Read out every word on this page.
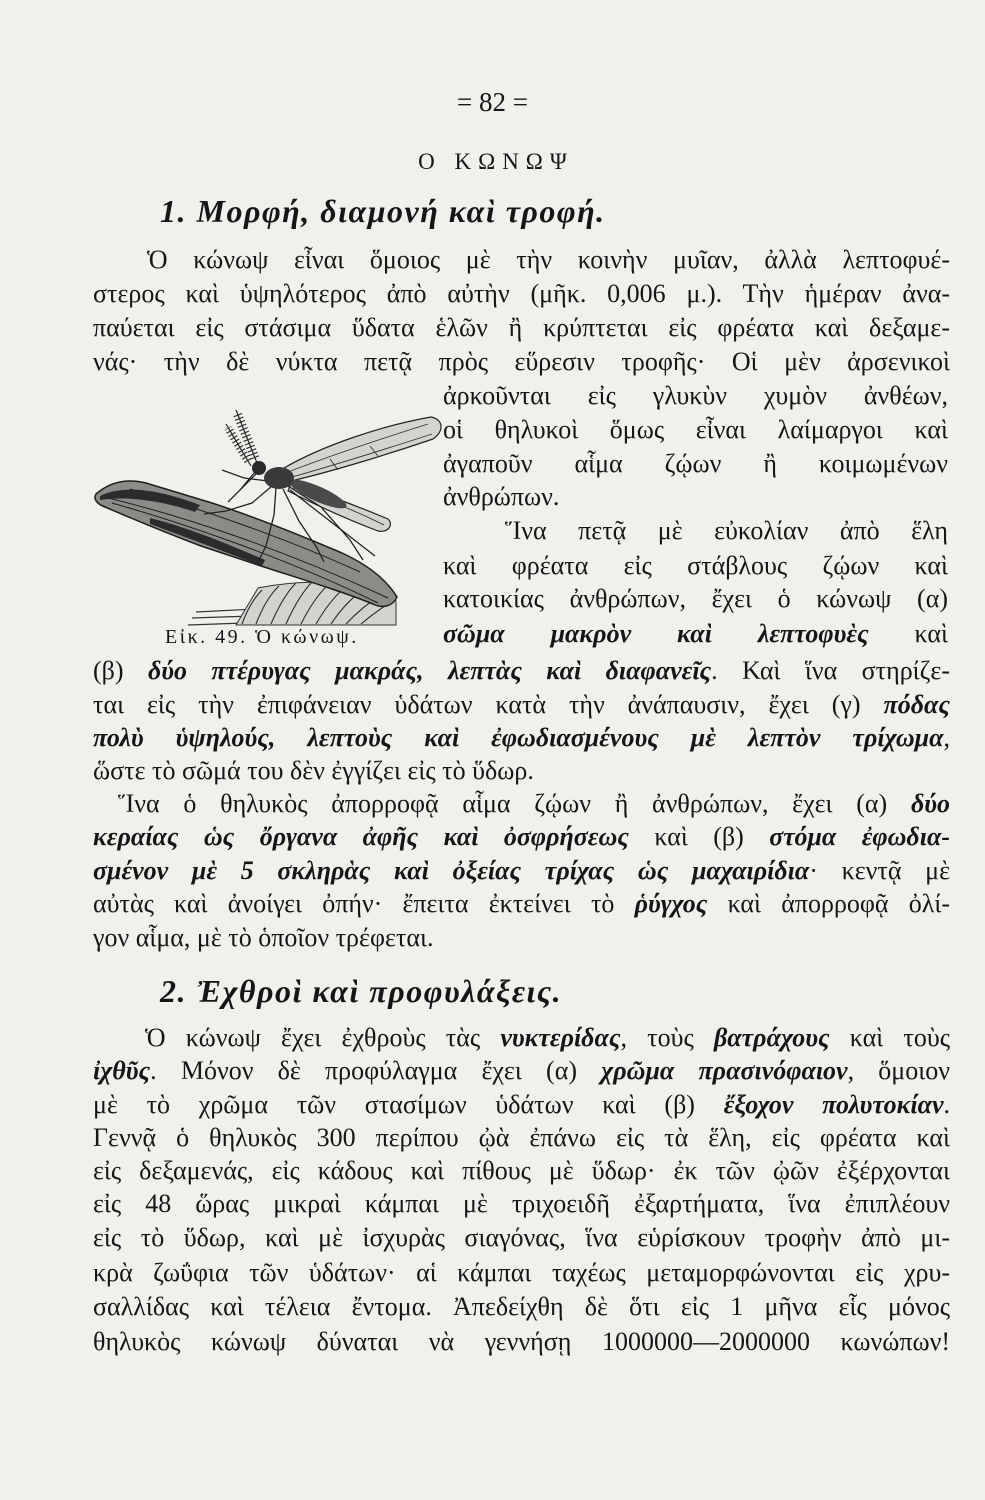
= 82 =
Ο ΚΩΝΩΨ
1. Μορφή, διαμονή καὶ τροφή.
Ὁ κώνωψ εἶναι ὅμοιος μὲ τὴν κοινὴν μυῖαν, ἀλλὰ λεπτοφυέ-
στερος καὶ ὑψηλότερος ἀπὸ αὐτὴν (μῆκ. 0,006 μ.). Τὴν ἡμέραν ἀνα-
παύεται εἰς στάσιμα ὕδατα ἑλῶν ἢ κρύπτεται εἰς φρέατα καὶ δεξαμε-
νάς· τὴν δὲ νύκτα πετᾷ πρὸς εὕρεσιν τροφῆς· Οἱ μὲν ἀρσενικοὶ
ἀρκοῦνται εἰς γλυκὺν χυμὸν ἀνθέων,
οἱ θηλυκοὶ ὅμως εἶναι λαίμαργοι καὶ
ἀγαποῦν αἷμα ζῴων ἢ κοιμωμένων
ἀνθρώπων.
Ἵνα πετᾷ μὲ εὐκολίαν ἀπὸ ἕλη
καὶ φρέατα εἰς στάβλους ζῴων καὶ
κατοικίας ἀνθρώπων, ἔχει ὁ κώνωψ (α)
σῶμα μακρὸν καὶ λεπτοφυὲς καὶ
(β) δύο πτέρυγας μακράς, λεπτὰς καὶ διαφανεῖς. Καὶ ἵνα στηρίζε-
ται εἰς τὴν ἐπιφάνειαν ὑδάτων κατὰ τὴν ἀνάπαυσιν, ἔχει (γ) πόδας
πολὺ ὑψηλούς, λεπτοὺς καὶ ἐφωδιασμένους μὲ λεπτὸν τρίχωμα,
ὥστε τὸ σῶμά του δὲν ἐγγίζει εἰς τὸ ὕδωρ.
Ἵνα ὁ θηλυκὸς ἀπορροφᾷ αἷμα ζῴων ἢ ἀνθρώπων, ἔχει (α) δύο
κεραίας ὡς ὄργανα ἀφῆς καὶ ὀσφρήσεως καὶ (β) στόμα ἐφωδια-
σμένον μὲ 5 σκληρὰς καὶ ὀξείας τρίχας ὡς μαχαιρίδια· κεντᾷ μὲ
αὐτὰς καὶ ἀνοίγει ὀπήν· ἔπειτα ἐκτείνει τὸ ῥύγχος καὶ ἀπορροφᾷ ὀλί-
γον αἷμα, μὲ τὸ ὁποῖον τρέφεται.
Εἰκ. 49. Ὁ κώνωψ.
2. Ἐχθροὶ καὶ προφυλάξεις.
Ὁ κώνωψ ἔχει ἐχθροὺς τὰς νυκτερίδας, τοὺς βατράχους καὶ τοὺς
ἰχθῦς. Μόνον δὲ προφύλαγμα ἔχει (α) χρῶμα πρασινόφαιον, ὅμοιον
μὲ τὸ χρῶμα τῶν στασίμων ὑδάτων καὶ (β) ἔξοχον πολυτοκίαν.
Γεννᾷ ὁ θηλυκὸς 300 περίπου ᾠὰ ἐπάνω εἰς τὰ ἕλη, εἰς φρέατα καὶ
εἰς δεξαμενάς, εἰς κάδους καὶ πίθους μὲ ὕδωρ· ἐκ τῶν ᾠῶν ἐξέρχονται
εἰς 48 ὥρας μικραὶ κάμπαι μὲ τριχοειδῆ ἐξαρτήματα, ἵνα ἐπιπλέουν
εἰς τὸ ὕδωρ, καὶ μὲ ἰσχυρὰς σιαγόνας, ἵνα εὑρίσκουν τροφὴν ἀπὸ μι-
κρὰ ζωΰφια τῶν ὑδάτων· αἱ κάμπαι ταχέως μεταμορφώνονται εἰς χρυ-
σαλλίδας καὶ τέλεια ἔντομα. Ἀπεδείχθη δὲ ὅτι εἰς 1 μῆνα εἷς μόνος
θηλυκὸς κώνωψ δύναται νὰ γεννήσῃ 1000000—2000000 κωνώπων!
